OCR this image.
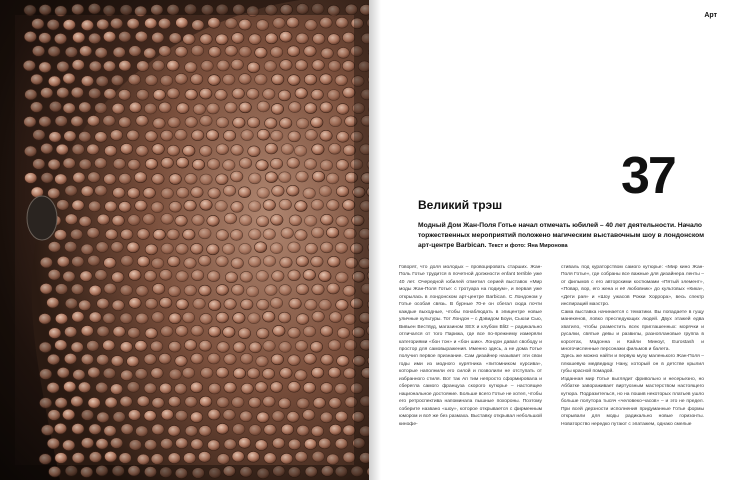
Арт
37
Великий трэш
Модный Дом Жан-Поля Готье начал отмечать юбилей – 40 лет деятельности. Начало торжественных мероприятий положено магическим выставочным шоу в лондонском арт-центре Barbican. Текст и фото: Яна Миронова

Говорят, что доля молодых – провоцировать старших. Жан-Поль Готье трудится в почетной должности enfant terrible уже 40 лет. Очередной юбилей отметил серией выставок «Мир моды Жан-Поля Готье: с тротуара на подиум», и первая уже открылась в лондонском арт-центре Barbican. С Лондоном у Готье особая связь. В бурные 70-е он сбегал сюда почти каждые выходные, чтобы понаблюдать в эпицентре новые уличные культуры. Тот Лондон – с Дэвидом Боуи, Сьюзи Сью, Вивьен Вествуд, магазином SEX и клубом Blitz – радикально отличался от того Парижа, где все по-прежнему измеряли категориями «бон тон» и «бон шик». Лондон давал свободу и простор для самовыражения. Именно здесь, а не дома Готье получил первое признание. Сам дизайнер называет эти свои годы ими из модного курятника «питомником курсива», которые наполнили его силой и позволили не отступать от избранного стиля. Вот так Aп тим непросто сформировала и сберегла самого француза скорого кутюрье – настоящее национальное достояние. Больше всего Готье не хотел, чтобы его ретроспектива напоминала пышные похороны. Поэтому соберите названо «шоу», которое открывается с фирменным юмором и всё же без размаха. Выставку открывал небольшой кинофе-

стиваль под кураторством самого кутюрье: «Мир кино Жан-Поля Готье», где собраны все важные для дизайнера ленты – от фильмов с его авторскими костюмами «Пятый элемент», «Повар, вор, его жена и её любовник» до культовых «Кика», «Дети рая» и «Шоу ужасов Рокки Хоррора», весь спектр инспираций маэстро.

Сама выставка начинается с тематики. Вы попадаете в гущу манекенов, ловко преследующих людей. Двух этажей едва хватило, чтобы разместить всех приглашенных: морячки и русалки, святые девы и развилы, разноплановые группа в корсетах, Мадонна и Кайли Миноуг, Eurostash и многочисленные персонажи фильмов и балета.

Здесь же можно найти и первую музу маленького Жан-Поля – плюшевую медведицу Нану, который он в детстве крылил губы красной помадой.

Изданная мир Готье выглядит фривольно и несерьезно, но Аббатке завораживает виртуозным мастерством настоящего кутюра. Подразителься, но на пошив некоторых платьев ушло больше полутора тысяч «человеко-часов» – и это не предел. При всей дерзности исполнения придуманные Готье формы открывали для моды радикально новые горизонты. Новаторство нередко путают с эпатажем, однако смелые
